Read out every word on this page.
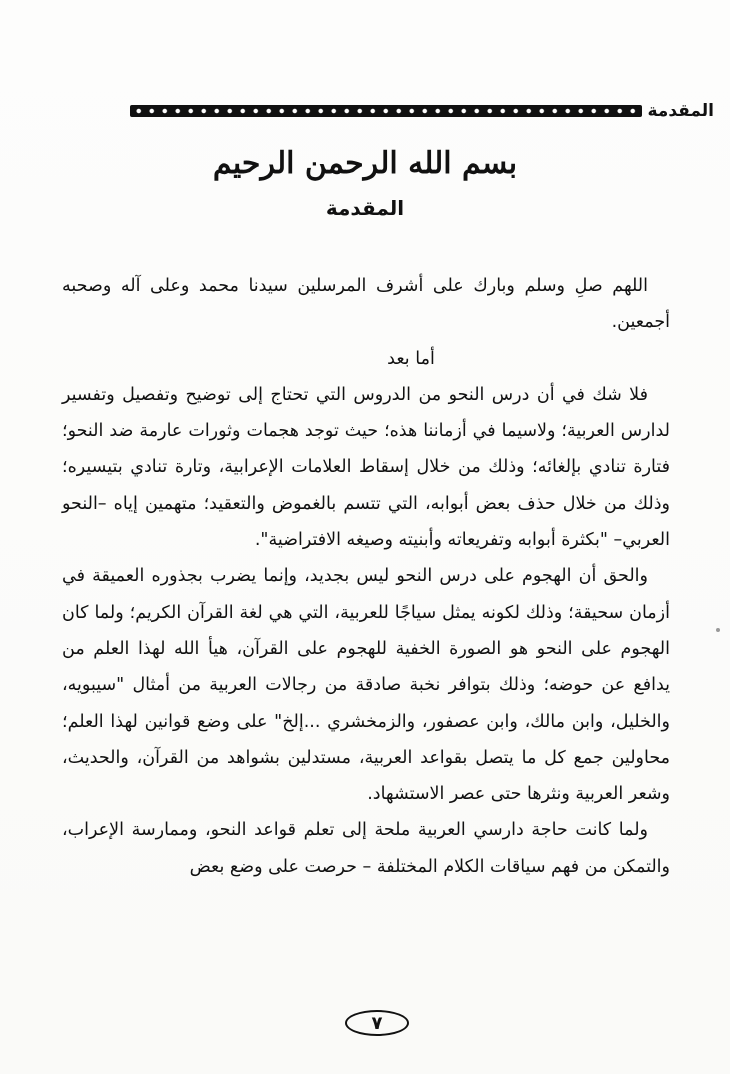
المقدمة
بسم الله الرحمن الرحيم
المقدمة

اللهم صلِ وسلم وبارك على أشرف المرسلين سيدنا محمد وعلى آله وصحبه أجمعين.

أما بعد

فلا شك في أن درس النحو من الدروس التي تحتاج إلى توضيح وتفصيل وتفسير لدارس العربية؛ ولاسيما في أزماننا هذه؛ حيث توجد هجمات وثورات عارمة ضد النحو؛ فتارة تنادي بإلغائه؛ وذلك من خلال إسقاط العلامات الإعرابية، وتارة تنادي بتيسيره؛ وذلك من خلال حذف بعض أبوابه، التي تتسم بالغموض والتعقيد؛ متهمين إياه –النحو العربي– "بكثرة أبوابه وتفريعاته وأبنيته وصيغه الافتراضية".

والحق أن الهجوم على درس النحو ليس بجديد، وإنما يضرب بجذوره العميقة في أزمان سحيقة؛ وذلك لكونه يمثل سياجًا للعربية، التي هي لغة القرآن الكريم؛ ولما كان الهجوم على النحو هو الصورة الخفية للهجوم على القرآن، هيأ الله لهذا العلم من يدافع عن حوضه؛ وذلك بتوافر نخبة صادقة من رجالات العربية من أمثال "سيبويه، والخليل، وابن مالك، وابن عصفور، والزمخشري ...إلخ" على وضع قوانين لهذا العلم؛ محاولين جمع كل ما يتصل بقواعد العربية، مستدلين بشواهد من القرآن، والحديث، وشعر العربية ونثرها حتى عصر الاستشهاد.

ولما كانت حاجة دارسي العربية ملحة إلى تعلم قواعد النحو، وممارسة الإعراب، والتمكن من فهم سياقات الكلام المختلفة – حرصت على وضع بعض

٧
